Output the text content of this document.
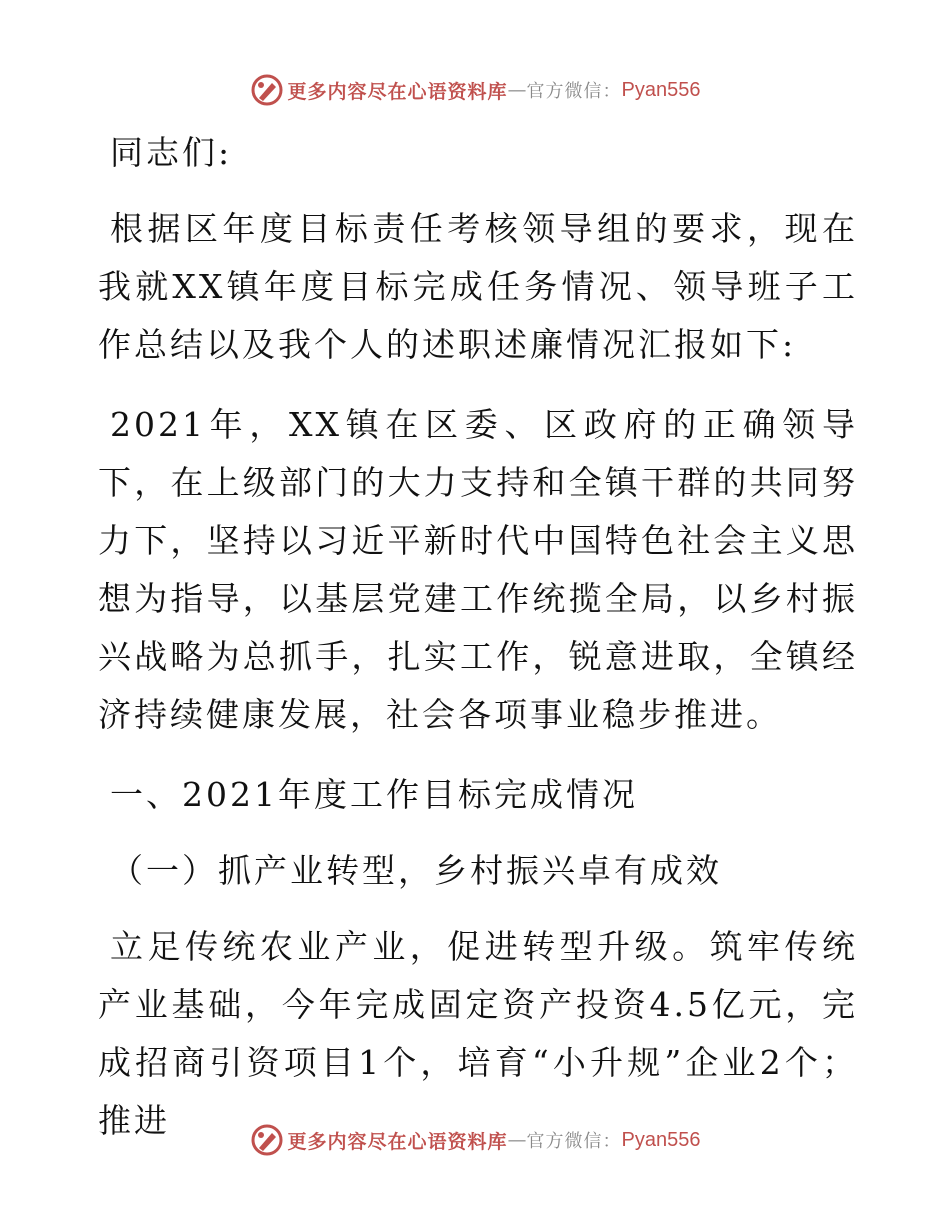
更多内容尽在心语资料库 — 官方微信： Pyan556

同志们:

根据区年度目标责任考核领导组的要求，现在我就XX镇年度目标完成任务情况、领导班子工作总结以及我个人的述职述廉情况汇报如下:

2021年，XX镇在区委、区政府的正确领导下，在上级部门的大力支持和全镇干群的共同努力下，坚持以习近平新时代中国特色社会主义思想为指导，以基层党建工作统揽全局，以乡村振兴战略为总抓手，扎实工作，锐意进取，全镇经济持续健康发展，社会各项事业稳步推进。

一、2021年度工作目标完成情况

（一）抓产业转型，乡村振兴卓有成效

立足传统农业产业，促进转型升级。筑牢传统产业基础，今年完成固定资产投资4.5亿元，完成招商引资项目1个，培育“小升规”企业2个；推进

更多内容尽在心语资料库 — 官方微信： Pyan556
